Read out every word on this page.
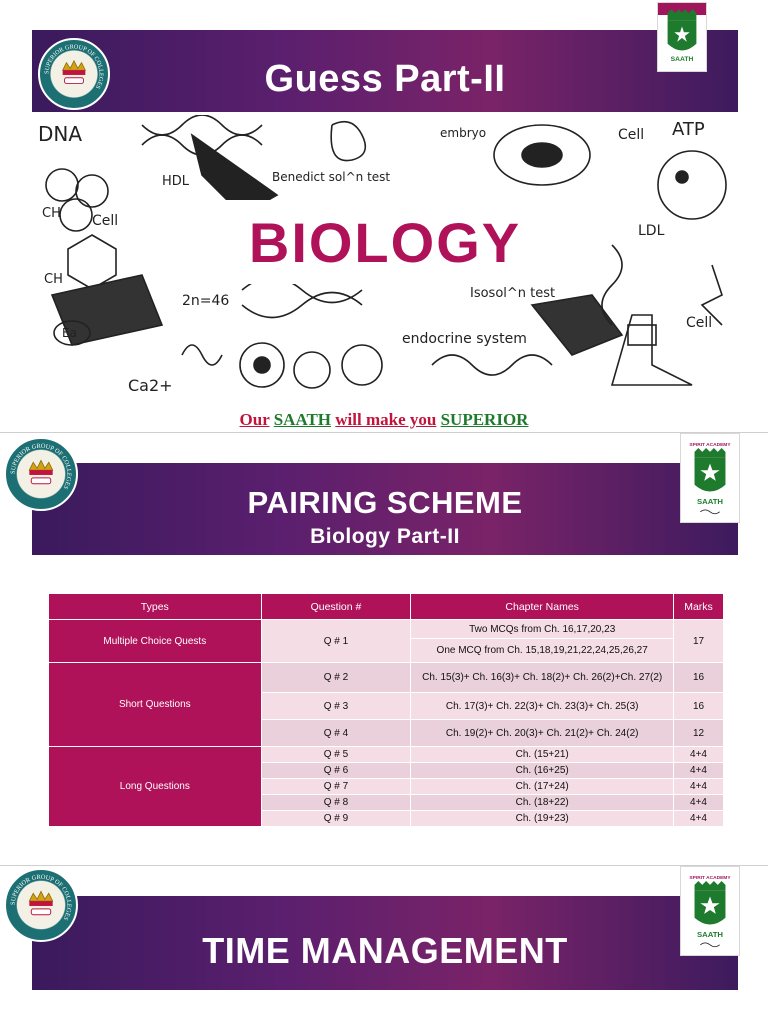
Guess Part-II
SUPERIOR GROUP OF COLLEGES
SAATH
DNA
HDL	Benedict sol^n test
embryo	Cell ATP
LDL
CH Cell
CH
2n=46	Isosol^n test
endocrine system
Cell
Ea
Ca2+
BIOLOGY
Our SAATH will make you SUPERIOR
PAIRING SCHEME
Biology Part-II
SUPERIOR GROUP OF COLLEGES
SPIRIT ACADEMY
SAATH
Types	Question #	Chapter Names	Marks
Multiple Choice Quests	Q # 1	Two MCQs from Ch. 16,17,20,23	17
		One MCQ from Ch. 15,18,19,21,22,24,25,26,27	
Short Questions	Q # 2	Ch. 15(3)+ Ch. 16(3)+ Ch. 18(2)+ Ch. 26(2)+Ch. 27(2)	16
	Q # 3	Ch. 17(3)+ Ch. 22(3)+ Ch. 23(3)+ Ch. 25(3)	16
	Q # 4	Ch. 19(2)+ Ch. 20(3)+ Ch. 21(2)+ Ch. 24(2)	12
Long Questions	Q # 5	Ch. (15+21)	4+4
	Q # 6	Ch. (16+25)	4+4
	Q # 7	Ch. (17+24)	4+4
	Q # 8	Ch. (18+22)	4+4
	Q # 9	Ch. (19+23)	4+4
TIME MANAGEMENT
SUPERIOR GROUP OF COLLEGES
SPIRIT ACADEMY
SAATH
